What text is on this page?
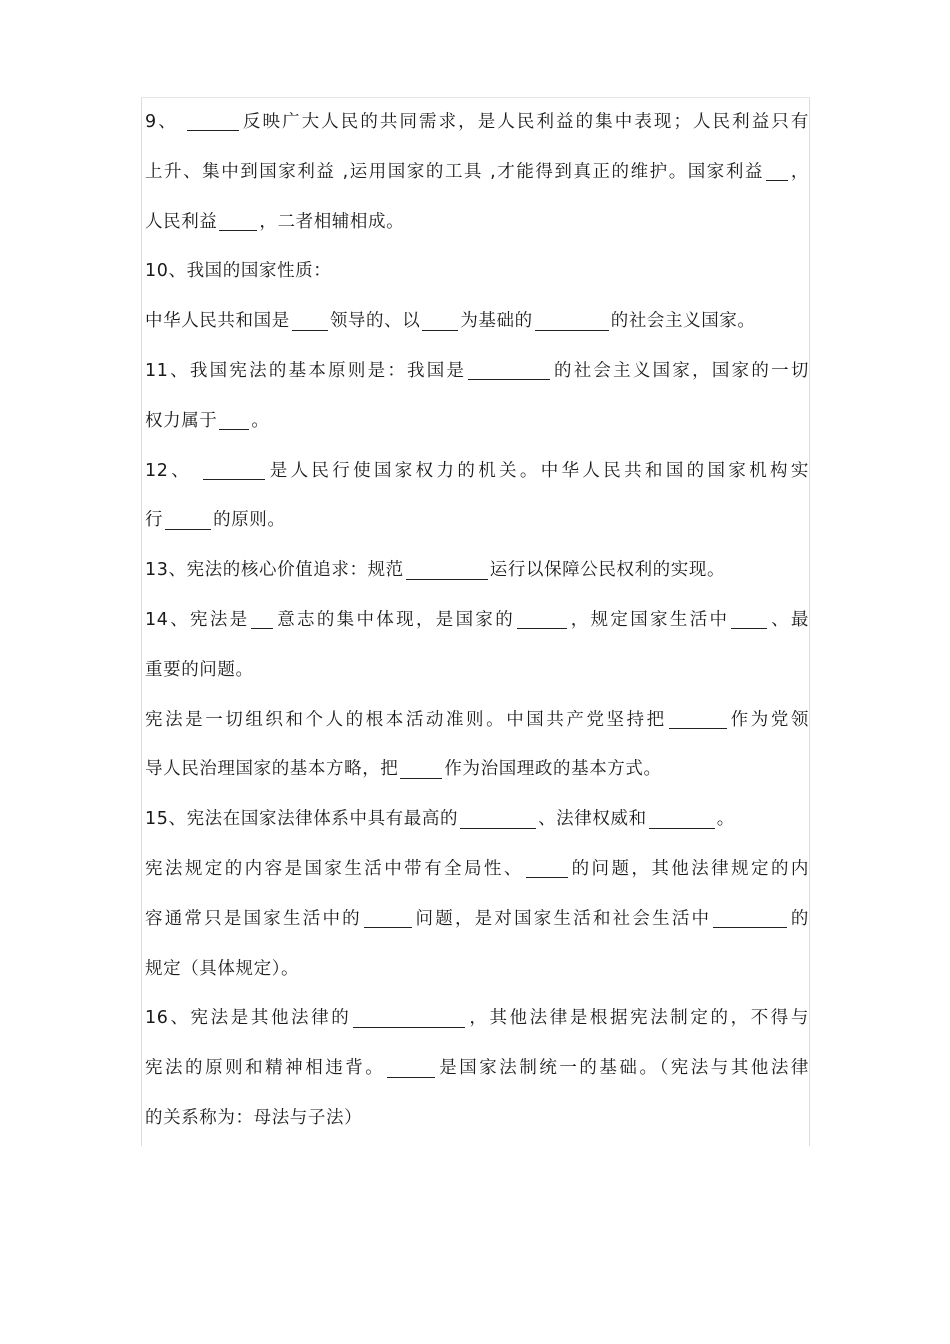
9、	反映广大人民的共同需求，是人民利益的集中表现；人民利益只有
上升、集中到国家利益 ,运用国家的工具 ,才能得到真正的维护。国家利益 ，
人民利益 ，二者相辅相成。
10、我国的国家性质：
中华人民共和国是 领导的、以 为基础的	的社会主义国家。
11、我国宪法的基本原则是：我国是	的社会主义国家，国家的一切
权力属于 。
12、	是人民行使国家权力的机关。中华人民共和国的国家机构实
行	的原则。
13、宪法的核心价值追求：规范	运行以保障公民权利的实现。
14、宪法是 意志的集中体现，是国家的	，规定国家生活中 、最
重要的问题。
宪法是一切组织和个人的根本活动准则。中国共产党坚持把	作为党领
导人民治理国家的基本方略，把	作为治国理政的基本方式。
15、宪法在国家法律体系中具有最高的	、法律权威和	。
宪法规定的内容是国家生活中带有全局性、	的问题，其他法律规定的内
容通常只是国家生活中的	问题，是对国家生活和社会生活中	的
规定（具体规定）。
16、宪法是其他法律的	，其他法律是根据宪法制定的，不得与
宪法的原则和精神相违背。	是国家法制统一的基础。（宪法与其他法律
的关系称为：母法与子法）
